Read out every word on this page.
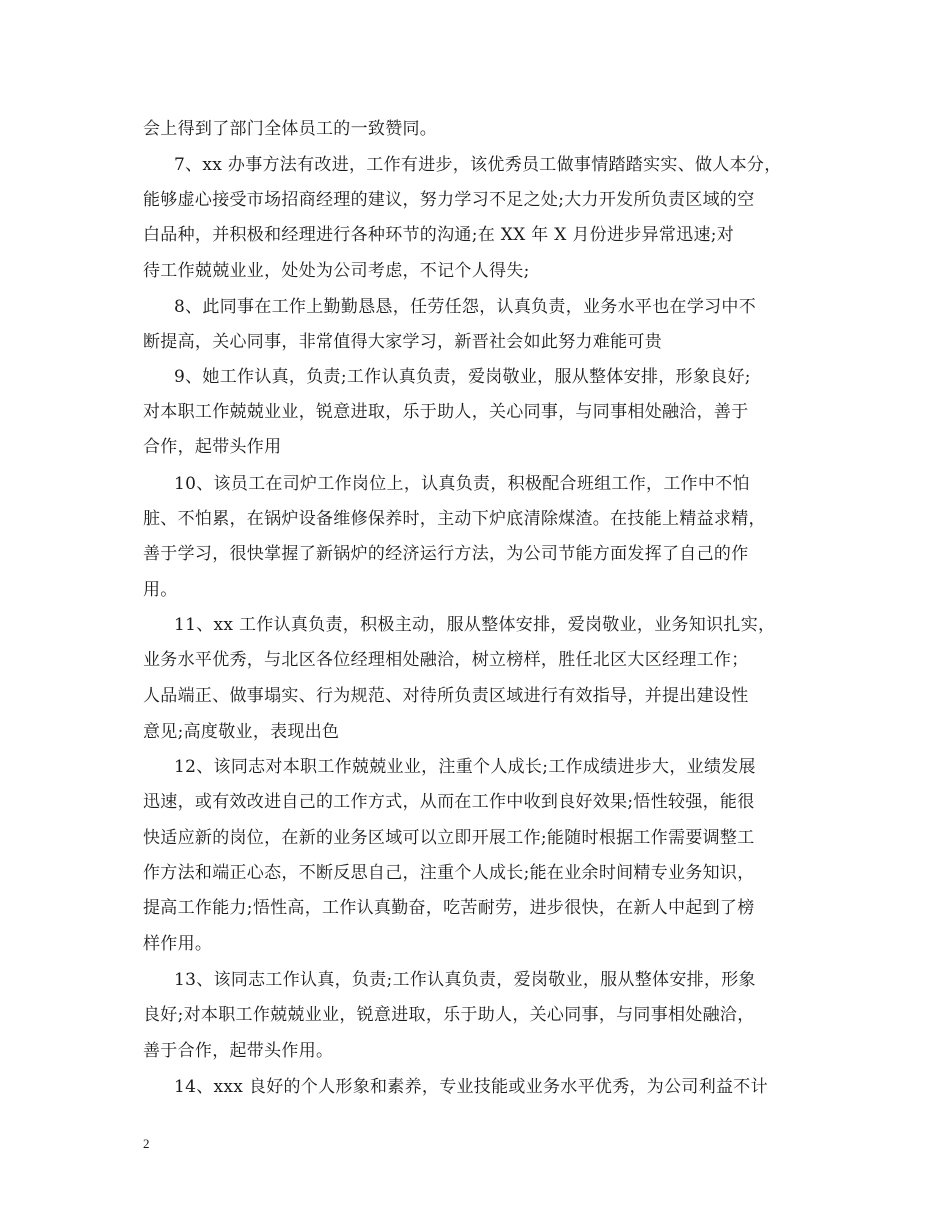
会上得到了部门全体员工的一致赞同。
7、xx 办事方法有改进，工作有进步，该优秀员工做事情踏踏实实、做人本分，
能够虚心接受市场招商经理的建议，努力学习不足之处;大力开发所负责区域的空
白品种，并积极和经理进行各种环节的沟通;在 XX 年 X 月份进步异常迅速;对
待工作兢兢业业，处处为公司考虑，不记个人得失;
8、此同事在工作上勤勤恳恳，任劳任怨，认真负责，业务水平也在学习中不
断提高，关心同事，非常值得大家学习，新晋社会如此努力难能可贵
9、她工作认真，负责;工作认真负责，爱岗敬业，服从整体安排，形象良好;
对本职工作兢兢业业，锐意进取，乐于助人，关心同事，与同事相处融洽，善于
合作，起带头作用
10、该员工在司炉工作岗位上，认真负责，积极配合班组工作，工作中不怕
脏、不怕累，在锅炉设备维修保养时，主动下炉底清除煤渣。在技能上精益求精，
善于学习，很快掌握了新锅炉的经济运行方法，为公司节能方面发挥了自己的作
用。
11、xx 工作认真负责，积极主动，服从整体安排，爱岗敬业，业务知识扎实，
业务水平优秀，与北区各位经理相处融洽，树立榜样，胜任北区大区经理工作；
人品端正、做事塌实、行为规范、对待所负责区域进行有效指导，并提出建设性
意见;高度敬业，表现出色
12、该同志对本职工作兢兢业业，注重个人成长;工作成绩进步大，业绩发展
迅速，或有效改进自己的工作方式，从而在工作中收到良好效果;悟性较强，能很
快适应新的岗位，在新的业务区域可以立即开展工作;能随时根据工作需要调整工
作方法和端正心态，不断反思自己，注重个人成长;能在业余时间精专业务知识，
提高工作能力;悟性高，工作认真勤奋，吃苦耐劳，进步很快，在新人中起到了榜
样作用。
13、该同志工作认真，负责;工作认真负责，爱岗敬业，服从整体安排，形象
良好;对本职工作兢兢业业，锐意进取，乐于助人，关心同事，与同事相处融洽，
善于合作，起带头作用。
14、xxx 良好的个人形象和素养，专业技能或业务水平优秀，为公司利益不计
2
